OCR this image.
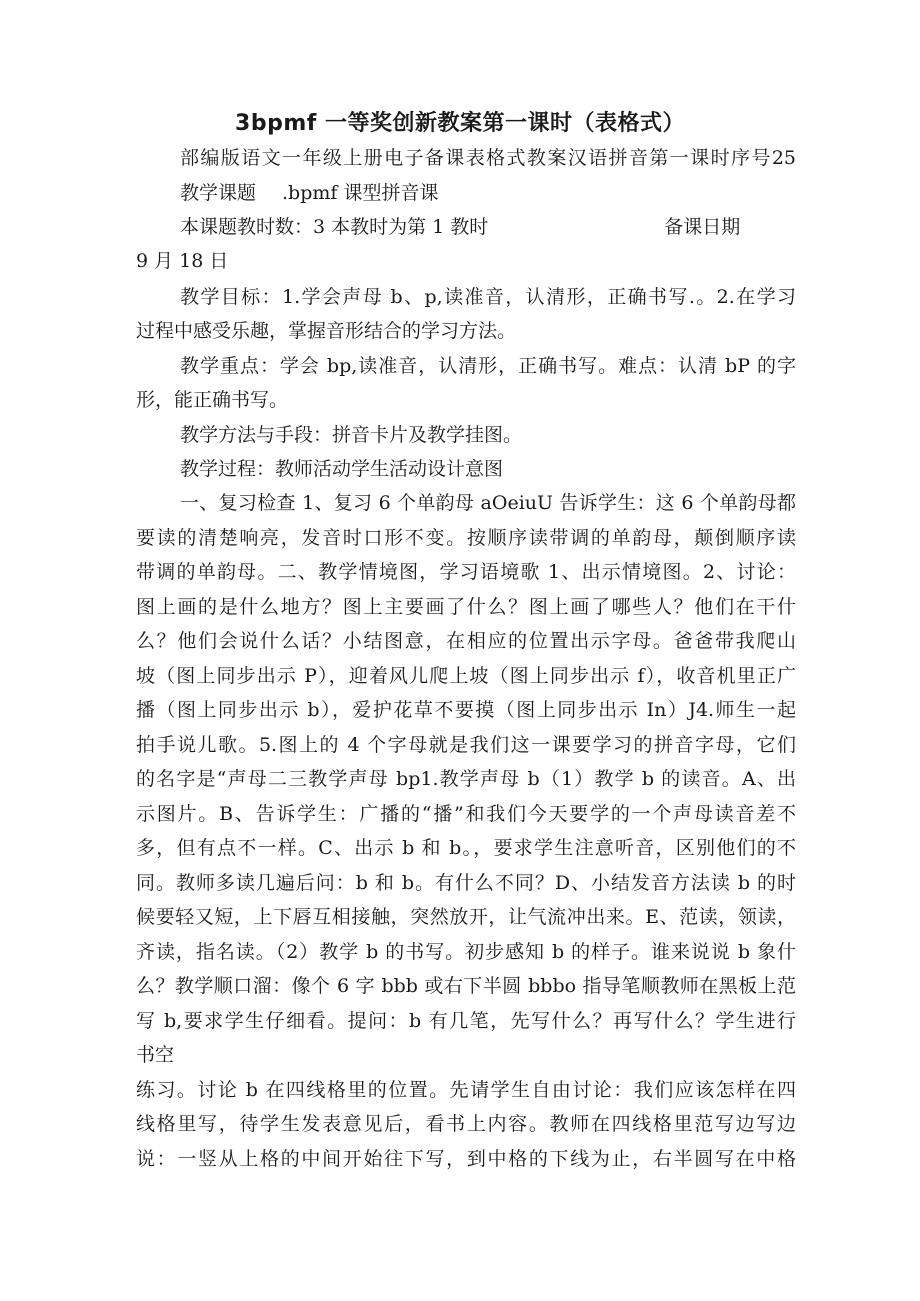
3bpmf 一等奖创新教案第一课时（表格式）
部编版语文一年级上册电子备课表格式教案汉语拼音第一课时序号25
教学课题 .bpmf 课型拼音课
本课题教时数：3 本教时为第 1 教时	备课日期
9 月 18 日
教学目标：1.学会声母 b、p,读准音，认清形，正确书写.。2.在学习
过程中感受乐趣，掌握音形结合的学习方法。
教学重点：学会 bp,读准音，认清形，正确书写。难点：认清 bP 的字
形，能正确书写。
教学方法与手段：拼音卡片及教学挂图。
教学过程：教师活动学生活动设计意图
一、复习检查 1、复习 6 个单韵母 aOeiuU 告诉学生：这 6 个单韵母都
要读的清楚响亮，发音时口形不变。按顺序读带调的单韵母，颠倒顺序读
带调的单韵母。二、教学情境图，学习语境歌 1、出示情境图。2、讨论：
图上画的是什么地方？图上主要画了什么？图上画了哪些人？他们在干什
么？他们会说什么话？小结图意，在相应的位置出示字母。爸爸带我爬山
坡（图上同步出示 P），迎着风儿爬上坡（图上同步出示 f），收音机里正广
播（图上同步出示 b），爱护花草不要摸（图上同步出示 In）J4.师生一起
拍手说儿歌。5.图上的 4 个字母就是我们这一课要学习的拼音字母，它们
的名字是“声母二三教学声母 bp1.教学声母 b（1）教学 b 的读音。A、出
示图片。B、告诉学生：广播的“播”和我们今天要学的一个声母读音差不
多，但有点不一样。C、出示 b 和 b。，要求学生注意听音，区别他们的不
同。教师多读几遍后问：b 和 b。有什么不同？D、小结发音方法读 b 的时
候要轻又短，上下唇互相接触，突然放开，让气流冲出来。E、范读，领读，
齐读，指名读。（2）教学 b 的书写。初步感知 b 的样子。谁来说说 b 象什
么？教学顺口溜：像个 6 字 bbb 或右下半圆 bbbo 指导笔顺教师在黑板上范
写 b,要求学生仔细看。提问：b 有几笔，先写什么？再写什么？学生进行
书空
练习。讨论 b 在四线格里的位置。先请学生自由讨论：我们应该怎样在四
线格里写，待学生发表意见后，看书上内容。教师在四线格里范写边写边
说：一竖从上格的中间开始往下写，到中格的下线为止，右半圆写在中格
